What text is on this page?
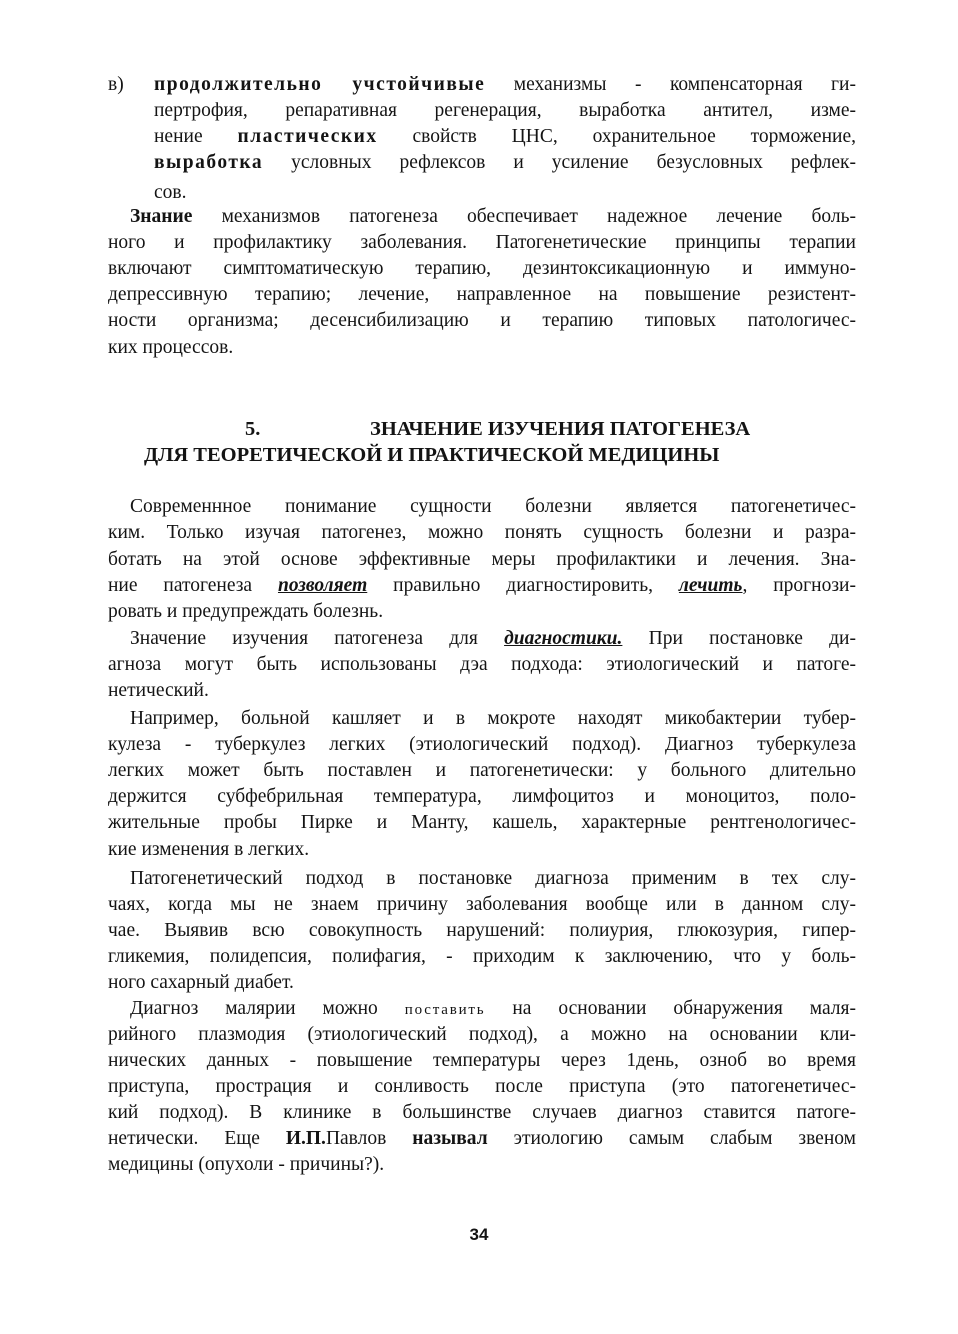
в) продолжительно учстойчивые механизмы - компенсаторная ги-
пертрофия, репаративная регенерация, выработка антител, изме-
нение пластических свойств ЦНС, охранительное торможение,
выработка условных рефлексов и усиление безусловных рефлек-
сов.
Знание механизмов патогенеза обеспечивает надежное лечение боль-
ного и профилактику заболевания. Патогенетические принципы терапии
включают симптоматическую терапию, дезинтоксикационную и иммуно-
депрессивную терапию; лечение, направленное на повышение резистент-
ности организма; десенсибилизацию и терапию типовых патологичес-
ких процессов.
5.	ЗНАЧЕНИЕ ИЗУЧЕНИЯ ПАТОГЕНЕЗА
ДЛЯ ТЕОРЕТИЧЕСКОЙ И ПРАКТИЧЕСКОЙ МЕДИЦИНЫ
Современнное понимание сущности болезни является патогенетичес-
ким. Только изучая патогенез, можно понять сущность болезни и разра-
ботать на этой основе эффективные меры профилактики и лечения. Зна-
ние патогенеза позволяет правильно диагностировить, лечить, прогнози-
ровать и предупреждать болезнь.
Значение изучения патогенеза для диагностики. При постановке ди-
агноза могут быть использованы дэа подхода: этиологический и патоге-
нетический.
Например, больной кашляет и в мокроте находят микобактерии тубер-
кулеза - туберкулез легких (этиологический подход). Диагноз туберкулеза
легких может быть поставлен и патогенетически: у больного длительно
держится субфебрильная температура, лимфоцитоз и моноцитоз, поло-
жительные пробы Пирке и Манту, кашель, характерные рентгенологичес-
кие изменения в легких.
Патогенетический подход в постановке диагноза применим в тех слу-
чаях, когда мы не знаем причину заболевания вообще или в данном слу-
чае. Выявив всю совокупность нарушений: полиурия, глюкозурия, гипер-
гликемия, полидепсия, полифагия, - приходим к заключению, что у боль-
ного сахарный диабет.
Диагноз малярии можно поставить на основании обнаружения маля-
рийного плазмодия (этиологический подход), а можно на основании кли-
нических данных - повышение температуры через 1день, озноб во время
приступа, прострация и сонливость после приступа (это патогенетичес-
кий подход). В клинике в большинстве случаев диагноз ставится патоге-
нетически. Еще И.П.Павлов называл этиологию самым слабым звеном
медицины (опухоли - причины?).
34
